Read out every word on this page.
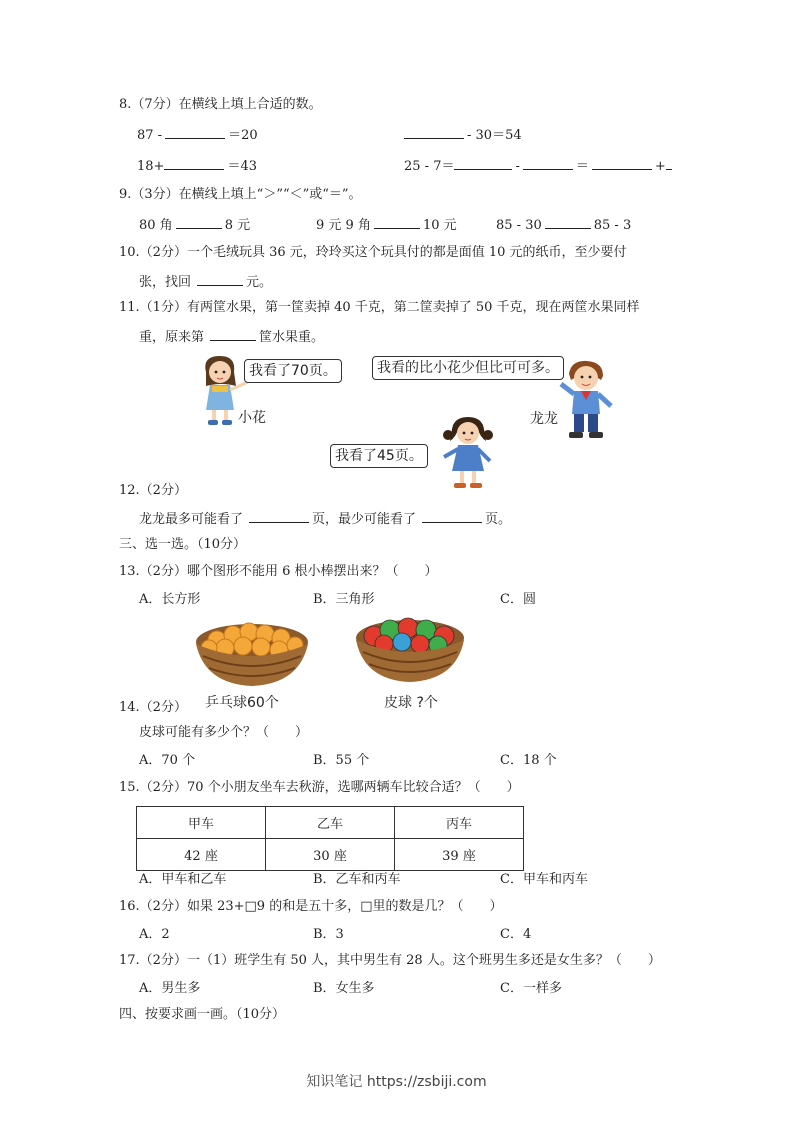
8.（7分）在横线上填上合适的数。
87 -	＝20	- 30＝54
18+	＝43	25 - 7＝	-	＝	+
9.（3分）在横线上填上“＞”“＜”或“＝”。
80 角	8 元	9 元 9 角	10 元	85 - 30	85 - 3
10.（2分）一个毛绒玩具 36 元，玲玲买这个玩具付的都是面值 10 元的纸币，至少要付
张，找回	元。
11.（1分）有两筐水果，第一筐卖掉 40 千克，第二筐卖掉了 50 千克，现在两筐水果同样
重，原来第	筐水果重。
我看了70页。
小花
我看的比小花少但比可可多。
龙龙
我看了45页。
12.（2分）
龙龙最多可能看了	页，最少可能看了	页。
三、选一选。（10分）
13.（2分）哪个图形不能用 6 根小棒摆出来？（　　）
A．长方形	B．三角形	C．圆
乒乓球60个	皮球 ?个
14.（2分）
皮球可能有多少个？（　　）
A．70 个	B．55 个	C．18 个
15.（2分）70 个小朋友坐车去秋游，选哪两辆车比较合适？（　　）
甲车	乙车	丙车
42 座	30 座	39 座
A．甲车和乙车	B．乙车和丙车	C．甲车和丙车
16.（2分）如果 23+□9 的和是五十多，□里的数是几？（　　）
A．2	B．3	C．4
17.（2分）一（1）班学生有 50 人，其中男生有 28 人。这个班男生多还是女生多？（　　）
A．男生多	B．女生多	C．一样多
四、按要求画一画。（10分）
知识笔记 https://zsbiji.com
